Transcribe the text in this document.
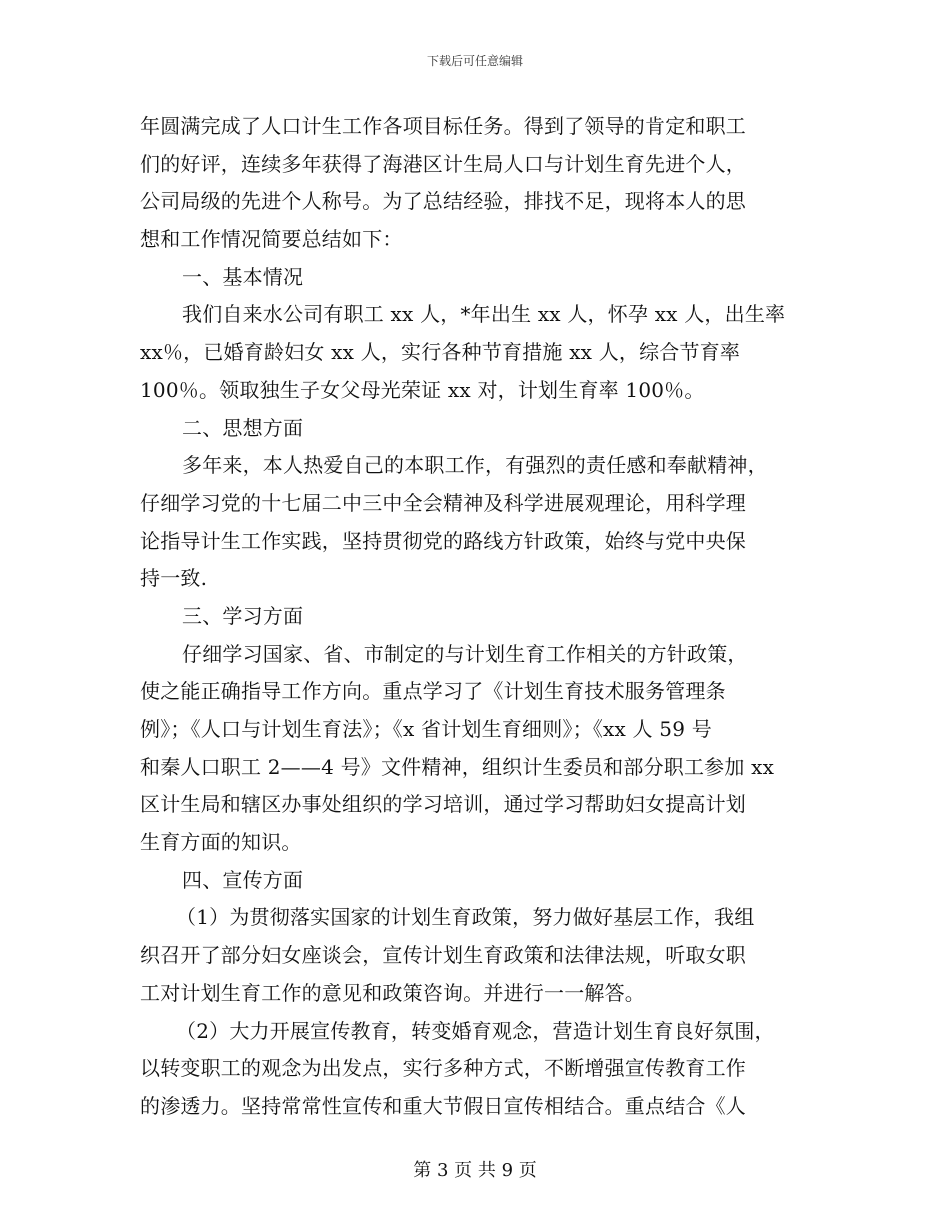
下载后可任意编辑
年圆满完成了人口计生工作各项目标任务。得到了领导的肯定和职工
们的好评，连续多年获得了海港区计生局人口与计划生育先进个人，
公司局级的先进个人称号。为了总结经验，排找不足，现将本人的思
想和工作情况简要总结如下：
一、基本情况
我们自来水公司有职工 xx 人，*年出生 xx 人，怀孕 xx 人，出生率
xx％，已婚育龄妇女 xx 人，实行各种节育措施 xx 人，综合节育率
100％。领取独生子女父母光荣证 xx 对，计划生育率 100％。
二、思想方面
多年来，本人热爱自己的本职工作，有强烈的责任感和奉献精神，
仔细学习党的十七届二中三中全会精神及科学进展观理论，用科学理
论指导计生工作实践，坚持贯彻党的路线方针政策，始终与党中央保
持一致.
三、学习方面
仔细学习国家、省、市制定的与计划生育工作相关的方针政策，
使之能正确指导工作方向。重点学习了《计划生育技术服务管理条
例》；《人口与计划生育法》；《x 省计划生育细则》；《xx 人 59 号
和秦人口职工 2——4 号》文件精神，组织计生委员和部分职工参加 xx
区计生局和辖区办事处组织的学习培训，通过学习帮助妇女提高计划
生育方面的知识。
四、宣传方面
（1）为贯彻落实国家的计划生育政策，努力做好基层工作，我组
织召开了部分妇女座谈会，宣传计划生育政策和法律法规，听取女职
工对计划生育工作的意见和政策咨询。并进行一一解答。
（2）大力开展宣传教育，转变婚育观念，营造计划生育良好氛围，
以转变职工的观念为出发点，实行多种方式，不断增强宣传教育工作
的渗透力。坚持常常性宣传和重大节假日宣传相结合。重点结合《人
第 3 页 共 9 页
